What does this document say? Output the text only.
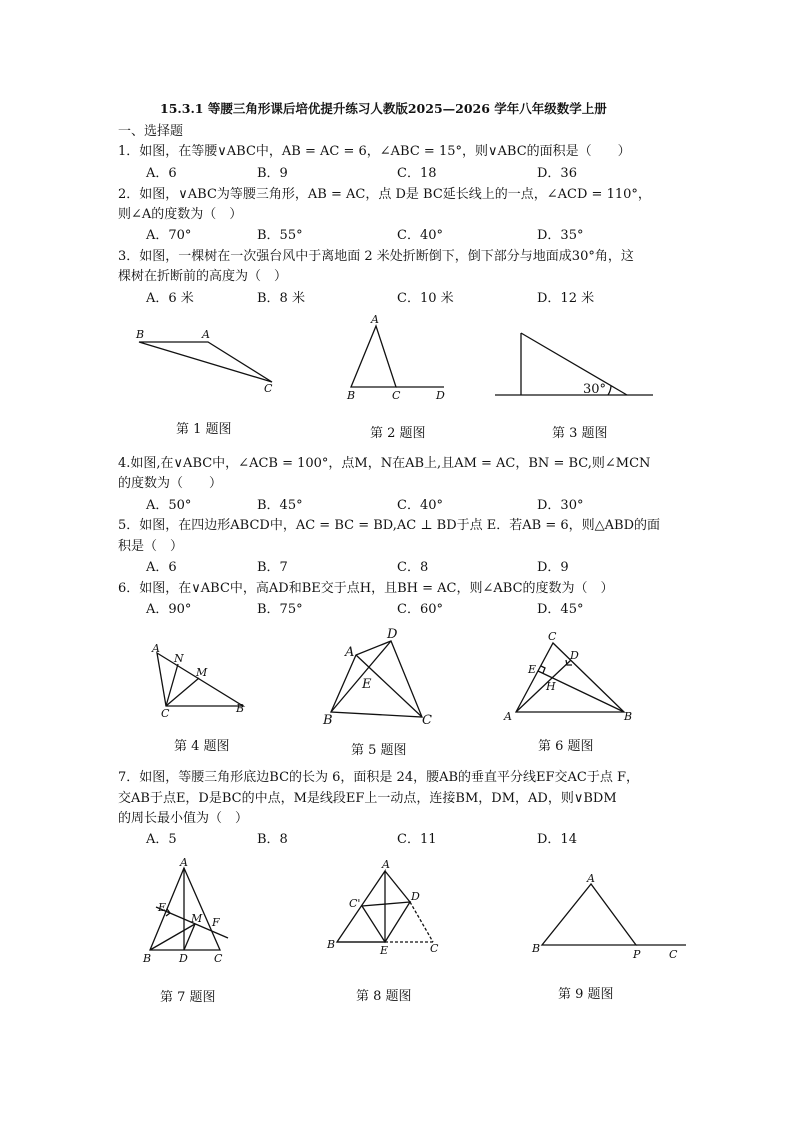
15.3.1 等腰三角形课后培优提升练习人教版2025—2026 学年八年级数学上册
一、选择题
1．如图，在等腰∨ABC中，AB = AC = 6，∠ABC = 15°，则∨ABC的面积是（　　）
A．6	B．9	C．18	D．36
2．如图，∨ABC为等腰三角形，AB = AC，点 D是 BC延长线上的一点，∠ACD = 110°，
则∠A的度数为（　）
A．70°	B．55°	C．40°	D．35°
3．如图，一棵树在一次强台风中于离地面 2 米处折断倒下，倒下部分与地面成30°角，这
棵树在折断前的高度为（　）
A．6 米	B．8 米	C．10 米	D．12 米
B	A
C
A
B	C	D	30°
第 1 题图	第 2 题图	第 3 题图
4.如图,在∨ABC中，∠ACB = 100°，点M，N在AB上,且AM = AC，BN = BC,则∠MCN
的度数为（　　）
A．50°	B．45°	C．40°	D．30°
5．如图，在四边形ABCD中，AC = BC = BD,AC ⊥ BD于点 E．若AB = 6，则△ABD的面
积是（　）
A．6	B．7	C．8	D．9
6．如图，在∨ABC中，高AD和BE交于点H，且BH = AC，则∠ABC的度数为（　）
A．90°	B．75°	C．60°	D．45°
A
N
M
C	B
D
A
E
B	C
C
D
E
H
A	B
第 4 题图	第 5 题图	第 6 题图
7．如图，等腰三角形底边BC的长为 6，面积是 24，腰AB的垂直平分线EF交AC于点 F，
交AB于点E，D是BC的中点，M是线段EF上一动点，连接BM，DM，AD，则∨BDM
的周长最小值为（　）
A．5	B．8	C．11	D．14
A
E
M F
B	D C
A
C'
D
B	E	C
A
B	P	C
第 7 题图	第 8 题图	第 9 题图
